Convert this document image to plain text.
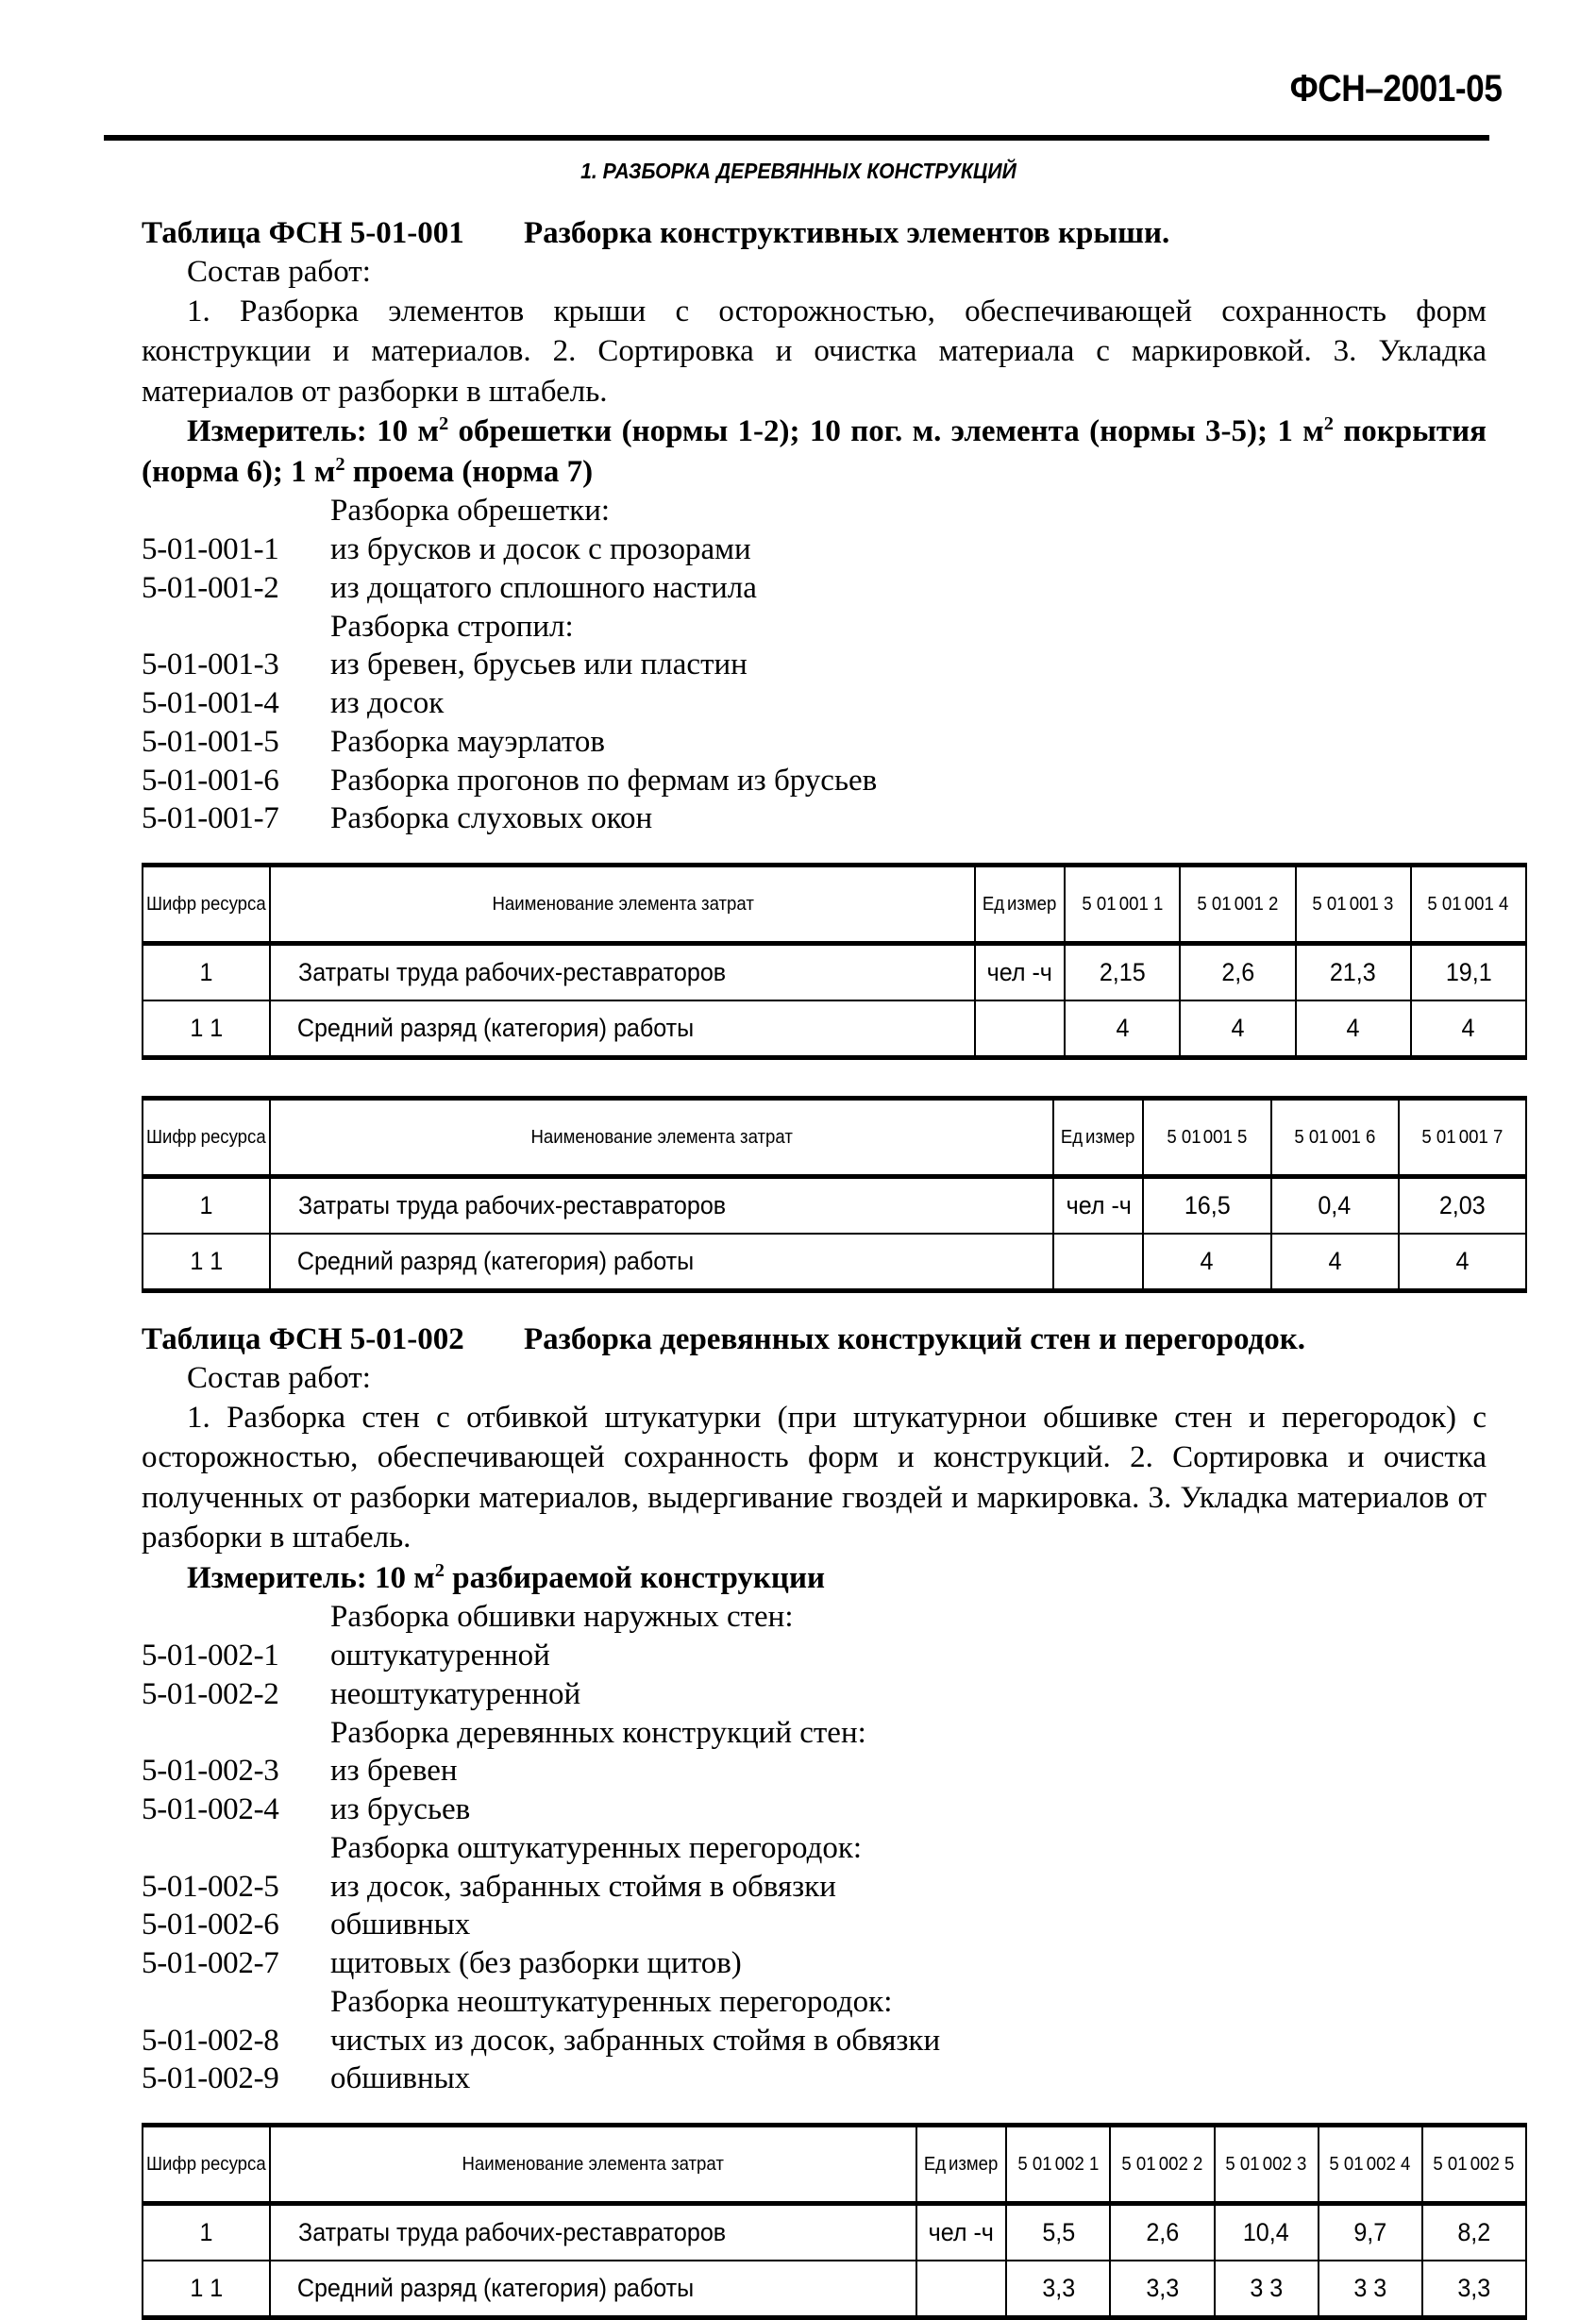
ФСН–2001-05
1. РАЗБОРКА ДЕРЕВЯННЫХ КОНСТРУКЦИЙ
Таблица ФСН 5-01-001 Разборка конструктивных элементов крыши.
Состав работ:
1. Разборка элементов крыши с осторожностью, обеспечивающей сохранность форм конструкции и материалов. 2. Сортировка и очистка материала с маркировкой. 3. Укладка материалов от разборки в штабель.
Измеритель: 10 $м^2$ обрешетки (нормы 1-2); 10 пог. м. элемента (нормы 3-5); 1 $м^2$ покрытия (норма 6); 1 $м^2$ проема (норма 7)
Разборка обрешетки:
5-01-001-1	из брусков и досок с прозорами
5-01-001-2	из дощатого сплошного настила
Разборка стропил:
5-01-001-3	из бревен, брусьев или пластин
5-01-001-4	из досок
5-01-001-5	Разборка мауэрлатов
5-01-001-6	Разборка прогонов по фермам из брусьев
5-01-001-7	Разборка слуховых окон
Шифр ресурса	Наименование элемента затрат	Ед измер	5 01 001 1	5 01 001 2	5 01 001 3	5 01 001 4
1	Затраты труда рабочих-реставраторов	чел -ч	2,15	2,6	21,3	19,1
1 1	Средний разряд (категория) работы		4	4	4	4
Шифр ресурса	Наименование элемента затрат	Ед измер	5 01 001 5	5 01 001 6	5 01 001 7
1	Затраты труда рабочих-реставраторов	чел -ч	16,5	0,4	2,03
1 1	Средний разряд (категория) работы		4	4	4
Таблица ФСН 5-01-002 Разборка деревянных конструкций стен и перегородок.
Состав работ:
1. Разборка стен с отбивкой штукатурки (при штукатурнои обшивке стен и перегородок) с осторожностью, обеспечивающей сохранность форм и конструкций. 2. Сортировка и очистка полученных от разборки материалов, выдергивание гвоздей и маркировка. 3. Укладка материалов от разборки в штабель.
Измеритель: 10 $м^2$ разбираемой конструкции
Разборка обшивки наружных стен:
5-01-002-1	оштукатуренной
5-01-002-2	неоштукатуренной
Разборка деревянных конструкций стен:
5-01-002-3	из бревен
5-01-002-4	из брусьев
Разборка оштукатуренных перегородок:
5-01-002-5	из досок, забранных стоймя в обвязки
5-01-002-6	обшивных
5-01-002-7	щитовых (без разборки щитов)
Разборка неоштукатуренных перегородок:
5-01-002-8	чистых из досок, забранных стоймя в обвязки
5-01-002-9	обшивных
Шифр ресурса	Наименование элемента затрат	Ед измер	5 01 002 1	5 01 002 2	5 01 002 3	5 01 002 4	5 01 002 5
1	Затраты труда рабочих-реставраторов	чел -ч	5,5	2,6	10,4	9,7	8,2
1 1	Средний разряд (категория) работы		3,3	3,3	3 3	3 3	3,3
